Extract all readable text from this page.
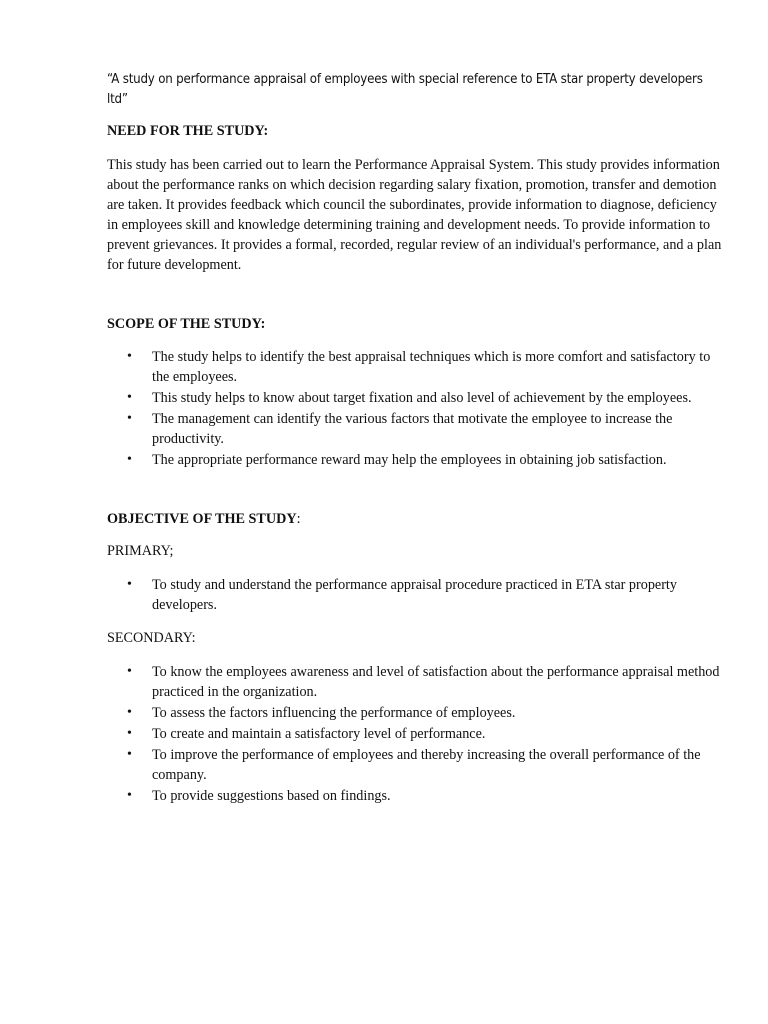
“A study on performance appraisal of employees with special reference to ETA star property developers ltd”

NEED FOR THE STUDY:

This study has been carried out to learn the Performance Appraisal System. This study provides information about the performance ranks on which decision regarding salary fixation, promotion, transfer and demotion are taken. It provides feedback which council the subordinates, provide information to diagnose, deficiency in employees skill and knowledge determining training and development needs. To provide information to prevent grievances. It provides a formal, recorded, regular review of an individual's performance, and a plan for future development.

SCOPE OF THE STUDY:

• The study helps to identify the best appraisal techniques which is more comfort and satisfactory to the employees.
• This study helps to know about target fixation and also level of achievement by the employees.
• The management can identify the various factors that motivate the employee to increase the productivity.
• The appropriate performance reward may help the employees in obtaining job satisfaction.

OBJECTIVE OF THE STUDY:

PRIMARY;

• To study and understand the performance appraisal procedure practiced in ETA star property developers.

SECONDARY:

• To know the employees awareness and level of satisfaction about the performance appraisal method practiced in the organization.
• To assess the factors influencing the performance of employees.
• To create and maintain a satisfactory level of performance.
• To improve the performance of employees and thereby increasing the overall performance of the company.
• To provide suggestions based on findings.
